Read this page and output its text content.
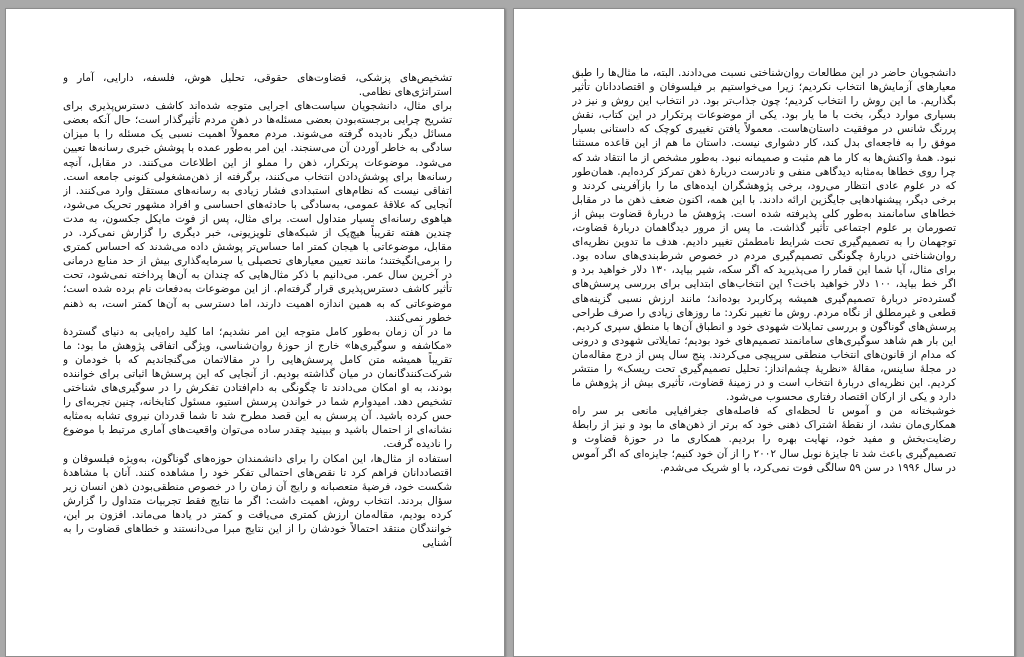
تشخیص‌های پزشکی، قضاوت‌های حقوقی، تحلیل هوش، فلسفه، دارایی، آمار و استراتژی‌های نظامی.

برای مثال، دانشجویان سیاست‌های اجرایی متوجه شده‌اند کاشف دسترس‌پذیری برای تشریح چرایی برجسته‌بودن بعضی مسئله‌ها در ذهن مردم تأثیرگذار است؛ حال آنکه بعضی مسائل دیگر نادیده گرفته می‌شوند. مردم معمولاً اهمیت نسبی یک مسئله را با میزان سادگی به خاطر آوردن آن می‌سنجند. این امر به‌طور عمده با پوشش خبری رسانه‌ها تعیین می‌شود. موضوعات پرتکرار، ذهن را مملو از این اطلاعات می‌کنند. در مقابل، آنچه رسانه‌ها برای پوشش‌دادن انتخاب می‌کنند، برگرفته از ذهن‌مشغولی کنونی جامعه است. اتفاقی نیست که نظام‌های استبدادی فشار زیادی به رسانه‌های مستقل وارد می‌کنند. از آنجایی که علاقهٔ عمومی، به‌سادگی با حادثه‌های احساسی و افراد مشهور تحریک می‌شود، هیاهوی رسانه‌ای بسیار متداول است. برای مثال، پس از فوت مایکل جکسون، به مدت چندین هفته تقریباً هیچ‌یک از شبکه‌های تلویزیونی، خبر دیگری را گزارش نمی‌کرد. در مقابل، موضوعاتی با هیجان کمتر اما حساس‌تر پوشش داده می‌شدند که احساس کمتری را برمی‌انگیختند؛ مانند تعیین معیارهای تحصیلی یا سرمایه‌گذاری بیش از حد منابع درمانی در آخرین سال عمر. می‌دانیم با ذکر مثال‌هایی که چندان به آن‌ها پرداخته نمی‌شود، تحت تأثیر کاشف دسترس‌پذیری قرار گرفته‌ام. از این موضوعات به‌دفعات نام برده شده است؛ موضوعاتی که به همین اندازه اهمیت دارند، اما دسترسی به آن‌ها کمتر است، به ذهنم خطور نمی‌کنند.

ما در آن زمان به‌طور کامل متوجه این امر نشدیم؛ اما کلید راه‌یابی به دنیای گستردهٔ «مکاشفه و سوگیری‌ها» خارج از حوزهٔ روان‌شناسی، ویژگی اتفاقی پژوهش ما بود: ما تقریباً همیشه متن کامل پرسش‌هایی را در مقالاتمان می‌گنجاندیم که با خودمان و شرکت‌کنندگانمان در میان گذاشته بودیم. از آنجایی که این پرسش‌ها اثباتی برای خواننده بودند، به او امکان می‌دادند تا چگونگی به دام‌افتادن تفکرش را در سوگیری‌های شناختی تشخیص دهد. امیدوارم شما در خواندن پرسش استیو، مسئول کتابخانه، چنین تجربه‌ای را حس کرده باشید. آن پرسش به این قصد مطرح شد تا شما قدردان نیروی تشابه به‌مثابه نشانه‌ای از احتمال باشید و ببینید چقدر ساده می‌توان واقعیت‌های آماری مرتبط با موضوع را نادیده گرفت.

استفاده از مثال‌ها، این امکان را برای دانشمندان حوزه‌های گوناگون، به‌ویژه فیلسوفان و اقتصاددانان فراهم کرد تا نقص‌های احتمالی تفکر خود را مشاهده کنند. آنان با مشاهدهٔ شکست خود، فرضیهٔ متعصبانه و رایج آن زمان را در خصوص منطقی‌بودن ذهن انسان زیر سؤال بردند. انتخاب روش، اهمیت داشت: اگر ما نتایج فقط تجربیات متداول را گزارش کرده بودیم، مقاله‌مان ارزش کمتری می‌یافت و کمتر در یادها می‌ماند. افزون بر این، خوانندگان منتقد احتمالاً خودشان را از این نتایج مبرا می‌دانستند و خطاهای قضاوت را به آشنایی

دانشجویان حاضر در این مطالعات روان‌شناختی نسبت می‌دادند. البته، ما مثال‌ها را طبق معیارهای آزمایش‌ها انتخاب نکردیم؛ زیرا می‌خواستیم بر فیلسوفان و اقتصاددانان تأثیر بگذاریم. ما این روش را انتخاب کردیم؛ چون جذاب‌تر بود. در انتخاب این روش و نیز در بسیاری موارد دیگر، بخت با ما یار بود. یکی از موضوعات پرتکرار در این کتاب، نقش پررنگ شانس در موفقیت داستان‌هاست. معمولاً یافتن تغییری کوچک که داستانی بسیار موفق را به فاجعه‌ای بدل کند، کار دشواری نیست. داستان ما هم از این قاعده مستثنا نبود. همهٔ واکنش‌ها به کار ما هم مثبت و صمیمانه نبود. به‌طور مشخص از ما انتقاد شد که چرا روی خطاها به‌مثابه دیدگاهی منفی و نادرست دربارهٔ ذهن تمرکز کرده‌ایم. همان‌طور که در علوم عادی انتظار می‌رود، برخی پژوهشگران ایده‌های ما را بازآفرینی کردند و برخی دیگر، پیشنهادهایی جایگزین ارائه دادند. با این همه، اکنون ضعف ذهن ما در مقابل خطاهای سامانمند به‌طور کلی پذیرفته شده است. پژوهش ما دربارهٔ قضاوت بیش از تصورمان بر علوم اجتماعی تأثیر گذاشت. ما پس از مرور دیدگاهمان دربارهٔ قضاوت، توجهمان را به تصمیم‌گیری تحت شرایط نامطمئن تغییر دادیم. هدف ما تدوین نظریه‌ای روان‌شناختی دربارهٔ چگونگی تصمیم‌گیری مردم در خصوص شرط‌بندی‌های ساده بود. برای مثال، آیا شما این قمار را می‌پذیرید که اگر سکه، شیر بیاید، ۱۳۰ دلار خواهید برد و اگر خط بیاید، ۱۰۰ دلار خواهید باخت؟ این انتخاب‌های ابتدایی برای بررسی پرسش‌های گسترده‌تر دربارهٔ تصمیم‌گیری همیشه پرکاربرد بوده‌اند؛ مانند ارزش نسبی گزینه‌های قطعی و غیرمطلق از نگاه مردم. روش ما تغییر نکرد: ما روزهای زیادی را صرف طراحی پرسش‌های گوناگون و بررسی تمایلات شهودی خود و انطباق آن‌ها با منطق سپری کردیم. این بار هم شاهد سوگیری‌های سامانمند تصمیم‌های خود بودیم؛ تمایلاتی شهودی و درونی که مدام از قانون‌های انتخاب منطقی سرپیچی می‌کردند. پنج سال پس از درج مقاله‌مان در مجلهٔ ساینس، مقالهٔ «نظریهٔ چشم‌انداز: تحلیل تصمیم‌گیری تحت ریسک» را منتشر کردیم. این نظریه‌ای دربارهٔ انتخاب است و در زمینهٔ قضاوت، تأثیری بیش از پژوهش ما دارد و یکی از ارکان اقتصاد رفتاری محسوب می‌شود.

خوشبختانه من و آموس تا لحظه‌ای که فاصله‌های جغرافیایی مانعی بر سر راه همکاری‌مان نشد، از نقطهٔ اشتراک ذهنی خود که برتر از ذهن‌های ما بود و نیز از رابطهٔ رضایت‌بخش و مفید خود، نهایت بهره را بردیم. همکاری ما در حوزهٔ قضاوت و تصمیم‌گیری باعث شد تا جایزهٔ نوبل سال ۲۰۰۲ را از آن خود کنیم؛ جایزه‌ای که اگر آموس در سال ۱۹۹۶ در سن ۵۹ سالگی فوت نمی‌کرد، با او شریک می‌شدم.
